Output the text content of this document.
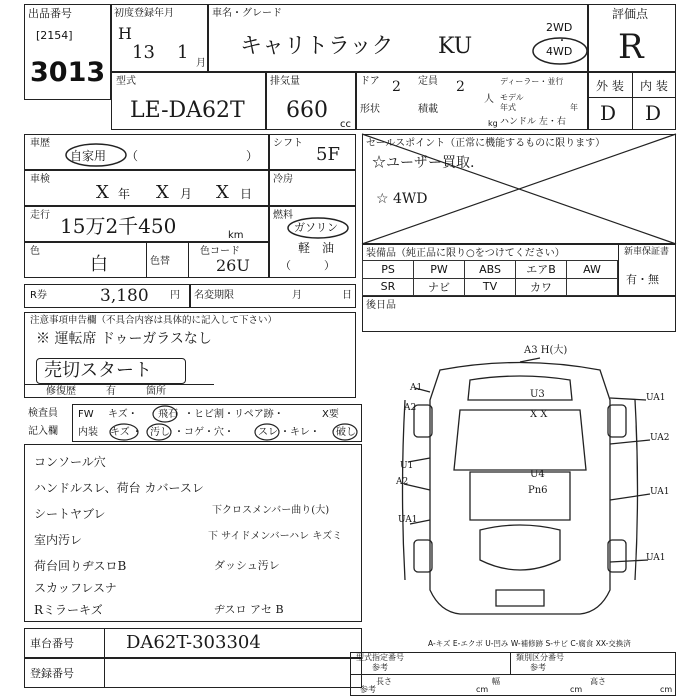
出品番号
[2154]
3013
初度登録年月
H
13 1
月
車名・グレード
キャリトラック KU
2WD
・
4WD
評価点
R
型式
LE-DA62T
排気量
660
cc
ドア 2 定員 2
人
ディーラー・並行
形状	積載
kg
モデル
年式	年
ハンドル 左・右
外 装 内 装
D D
車歴
自家用 （	）
シフト
5F
車検
X 年 X 月 X 日
冷房
走行 15万2千450	km
燃料
ガソリン
軽　油
（　　　）
色
白	色替
色コード
26U
R券	3,180 円 名変期限	月	日
注意事項申告欄（不具合内容は具体的に記入して下さい）
※ 運転席 ドゥーガラスなし
売切スタート
修復歴	有	箇所
検査員
記入欄
FW キズ・ 飛石 ・ヒビ割・リペア跡・	X要
内装 キズ ・ 汚し ・コゲ・穴・ スレ ・キレ・ 破し
コンソール穴
ハンドルスレ、荷台 カバースレ
シートヤブレ
室内汚レ
荷台回りヂスロB
スカッフレスナ
Rミラーキズ
下クロスメンバー曲り(大)
下 サイドメンバーハレ キズミ
ダッシュ汚レ
ヂスロ アセ B
セールスポイント（正常に機能するものに限ります）
☆ユーザー買取.
☆ 4WD
装備品（純正品に限り○をつけてください）	新車保証書
有・無
PS	PW	ABS	エアB	AW
SR	ナビ	TV	カワ
後日品
A3 H(大)
U3
X X
A1
A2
U1
A2
UA1
UA1
UA2
UA1
UA1
U4
Pn6
車台番号	DA62T-303304
登録番号
A-キズ E-エクボ U-凹み W-補修跡 S-サビ C-腐食 XX-交換済
型式指定番号
参考
類別区分番号
参考
参考
長さ
cm
幅
cm
高さ
cm
